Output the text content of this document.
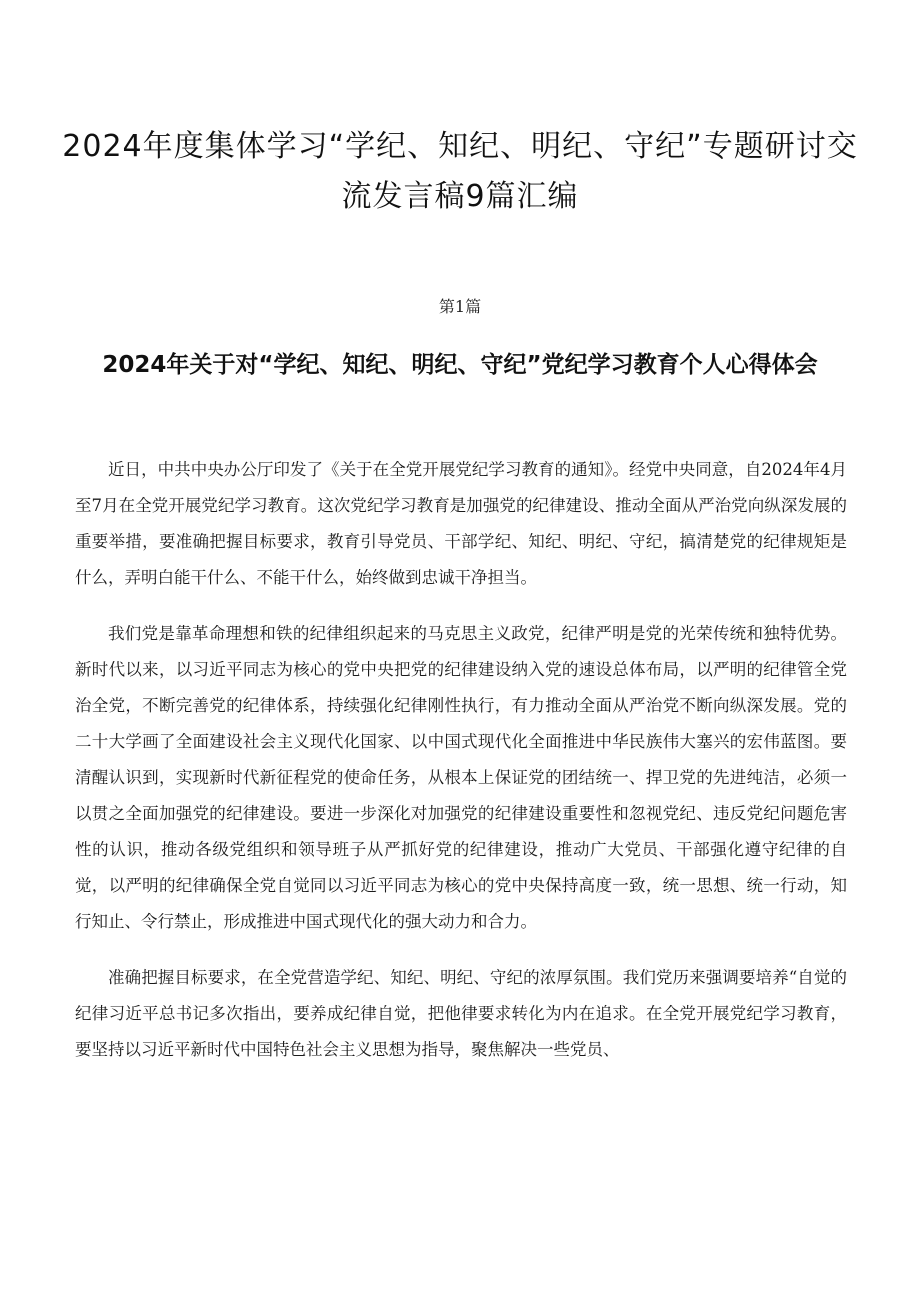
2024年度集体学习“学纪、知纪、明纪、守纪”专题研讨交流发言稿9篇汇编

第1篇

2024年关于对“学纪、知纪、明纪、守纪”党纪学习教育个人心得体会

近日，中共中央办公厅印发了《关于在全党开展党纪学习教育的通知》。经党中央同意，自2024年4月至7月在全党开展党纪学习教育。这次党纪学习教育是加强党的纪律建设、推动全面从严治党向纵深发展的重要举措，要准确把握目标要求，教育引导党员、干部学纪、知纪、明纪、守纪，搞清楚党的纪律规矩是什么，弄明白能干什么、不能干什么，始终做到忠诚干净担当。

我们党是靠革命理想和铁的纪律组织起来的马克思主义政党，纪律严明是党的光荣传统和独特优势。新时代以来，以习近平同志为核心的党中央把党的纪律建设纳入党的速设总体布局，以严明的纪律管全党治全党，不断完善党的纪律体系，持续强化纪律刚性执行，有力推动全面从严治党不断向纵深发展。党的二十大学画了全面建设社会主义现代化国家、以中国式现代化全面推进中华民族伟大塞兴的宏伟蓝图。要清醒认识到，实现新时代新征程党的使命任务，从根本上保证党的团结统一、捍卫党的先进纯洁，必须一以贯之全面加强党的纪律建设。要进一步深化对加强党的纪律建设重要性和忽视党纪、违反党纪问题危害性的认识，推动各级党组织和领导班子从严抓好党的纪律建设，推动广大党员、干部强化遵守纪律的自觉，以严明的纪律确保全党自觉同以习近平同志为核心的党中央保持高度一致，统一思想、统一行动，知行知止、令行禁止，形成推进中国式现代化的强大动力和合力。

准确把握目标要求，在全党营造学纪、知纪、明纪、守纪的浓厚氛围。我们党历来强调要培养“自觉的纪律习近平总书记多次指出，要养成纪律自觉，把他律要求转化为内在追求。在全党开展党纪学习教育，要坚持以习近平新时代中国特色社会主义思想为指导，聚焦解决一些党员、
